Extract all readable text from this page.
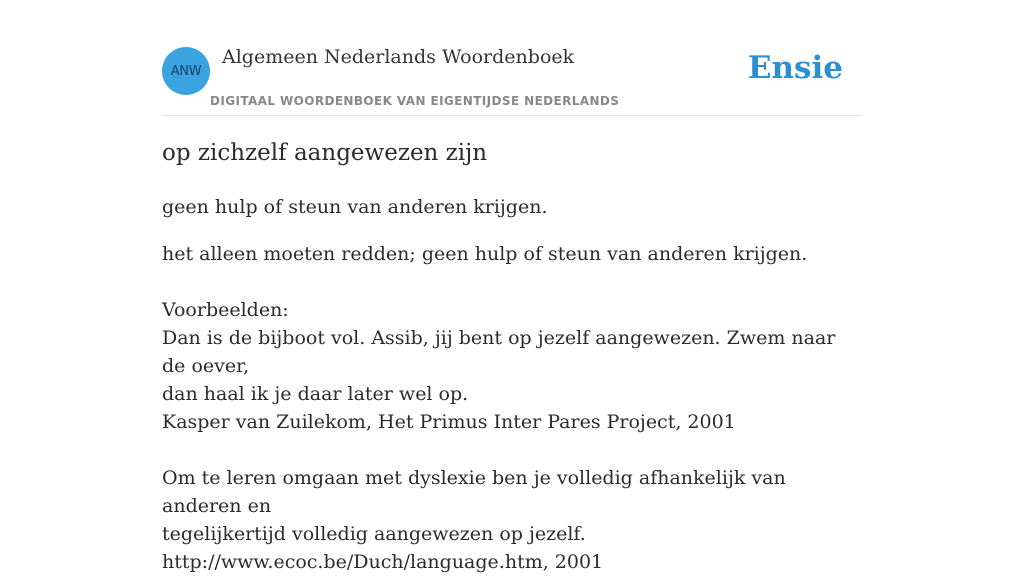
ANW
Algemeen Nederlands Woordenboek
DIGITAAL WOORDENBOEK VAN EIGENTIJDSE NEDERLANDS
Ensie
op zichzelf aangewezen zijn

geen hulp of steun van anderen krijgen.

het alleen moeten redden; geen hulp of steun van anderen krijgen.
Voorbeelden:
Dan is de bijboot vol. Assib, jij bent op jezelf aangewezen. Zwem naar de oever,
dan haal ik je daar later wel op.
Kasper van Zuilekom, Het Primus Inter Pares Project, 2001
Om te leren omgaan met dyslexie ben je volledig afhankelijk van anderen en
tegelijkertijd volledig aangewezen op jezelf.
http://www.ecoc.be/Duch/language.htm, 2001
